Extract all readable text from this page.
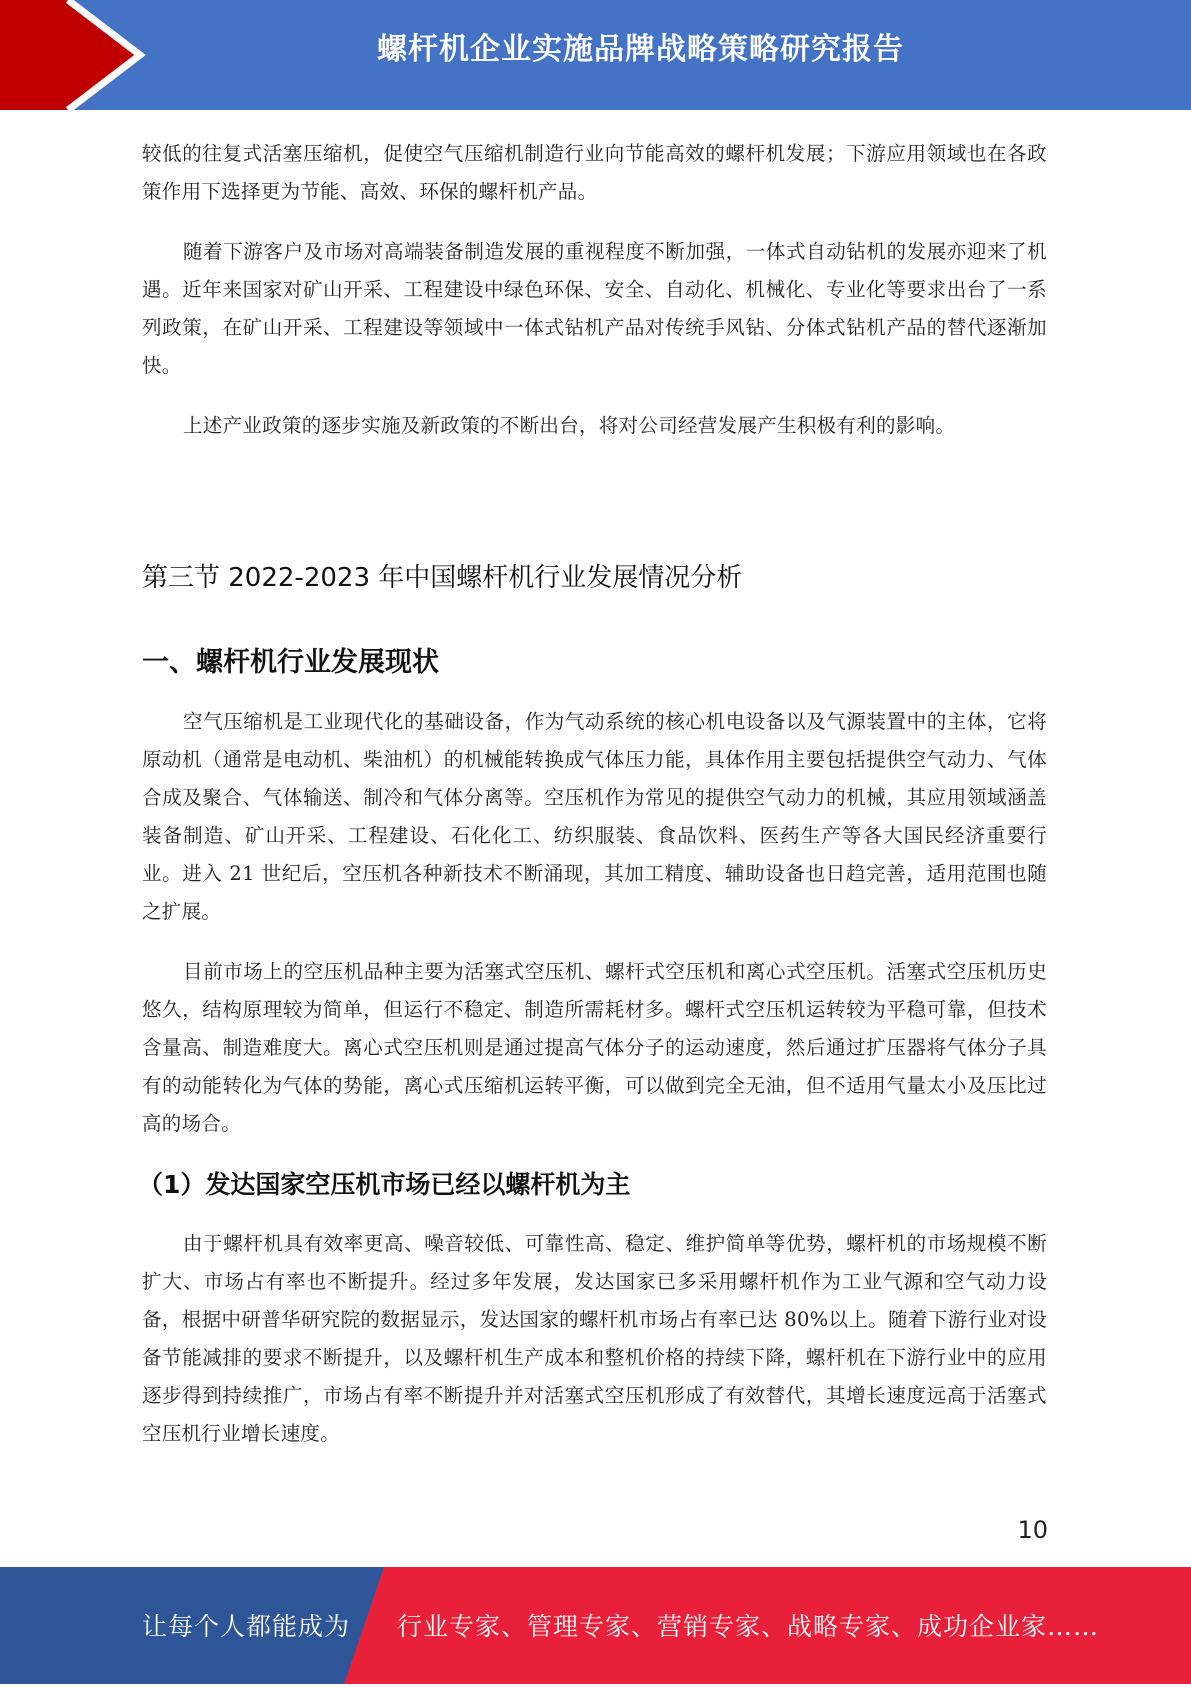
螺杆机企业实施品牌战略策略研究报告

较低的往复式活塞压缩机，促使空气压缩机制造行业向节能高效的螺杆机发展；下游应用领域也在各政策作用下选择更为节能、高效、环保的螺杆机产品。

随着下游客户及市场对高端装备制造发展的重视程度不断加强，一体式自动钻机的发展亦迎来了机遇。近年来国家对矿山开采、工程建设中绿色环保、安全、自动化、机械化、专业化等要求出台了一系列政策，在矿山开采、工程建设等领域中一体式钻机产品对传统手风钻、分体式钻机产品的替代逐渐加快。

上述产业政策的逐步实施及新政策的不断出台，将对公司经营发展产生积极有利的影响。

第三节 2022-2023 年中国螺杆机行业发展情况分析
一、螺杆机行业发展现状

空气压缩机是工业现代化的基础设备，作为气动系统的核心机电设备以及气源装置中的主体，它将原动机（通常是电动机、柴油机）的机械能转换成气体压力能，具体作用主要包括提供空气动力、气体合成及聚合、气体输送、制冷和气体分离等。空压机作为常见的提供空气动力的机械，其应用领域涵盖装备制造、矿山开采、工程建设、石化化工、纺织服装、食品饮料、医药生产等各大国民经济重要行业。进入 21 世纪后，空压机各种新技术不断涌现，其加工精度、辅助设备也日趋完善，适用范围也随之扩展。

目前市场上的空压机品种主要为活塞式空压机、螺杆式空压机和离心式空压机。活塞式空压机历史悠久，结构原理较为简单，但运行不稳定、制造所需耗材多。螺杆式空压机运转较为平稳可靠，但技术含量高、制造难度大。离心式空压机则是通过提高气体分子的运动速度，然后通过扩压器将气体分子具有的动能转化为气体的势能，离心式压缩机运转平衡，可以做到完全无油，但不适用气量太小及压比过高的场合。

（1）发达国家空压机市场已经以螺杆机为主

由于螺杆机具有效率更高、噪音较低、可靠性高、稳定、维护简单等优势，螺杆机的市场规模不断扩大、市场占有率也不断提升。经过多年发展，发达国家已多采用螺杆机作为工业气源和空气动力设备，根据中研普华研究院的数据显示，发达国家的螺杆机市场占有率已达 80%以上。随着下游行业对设备节能减排的要求不断提升，以及螺杆机生产成本和整机价格的持续下降，螺杆机在下游行业中的应用逐步得到持续推广，市场占有率不断提升并对活塞式空压机形成了有效替代，其增长速度远高于活塞式空压机行业增长速度。

10
让每个人都能成为 行业专家、管理专家、营销专家、战略专家、成功企业家……
